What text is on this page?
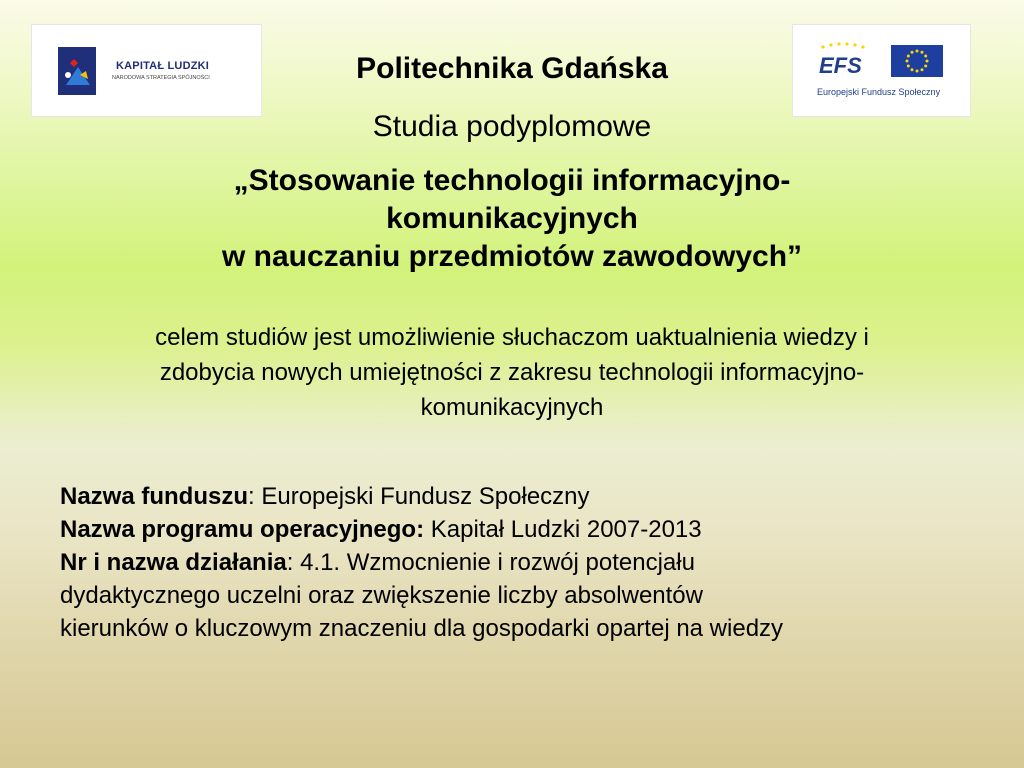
KAPITAŁ LUDZKI
NARODOWA STRATEGIA SPÓJNOŚCI	EFS
Europejski Fundusz Społeczny
Politechnika Gdańska
Studia podyplomowe
„Stosowanie technologii informacyjno-
komunikacyjnych
w nauczaniu przedmiotów zawodowych”
celem studiów jest umożliwienie słuchaczom uaktualnienia wiedzy i
zdobycia nowych umiejętności z zakresu technologii informacyjno-
komunikacyjnych
Nazwa funduszu: Europejski Fundusz Społeczny
Nazwa programu operacyjnego: Kapitał Ludzki 2007-2013
Nr i nazwa działania: 4.1. Wzmocnienie i rozwój potencjału
dydaktycznego uczelni oraz zwiększenie liczby absolwentów
kierunków o kluczowym znaczeniu dla gospodarki opartej na wiedzy
